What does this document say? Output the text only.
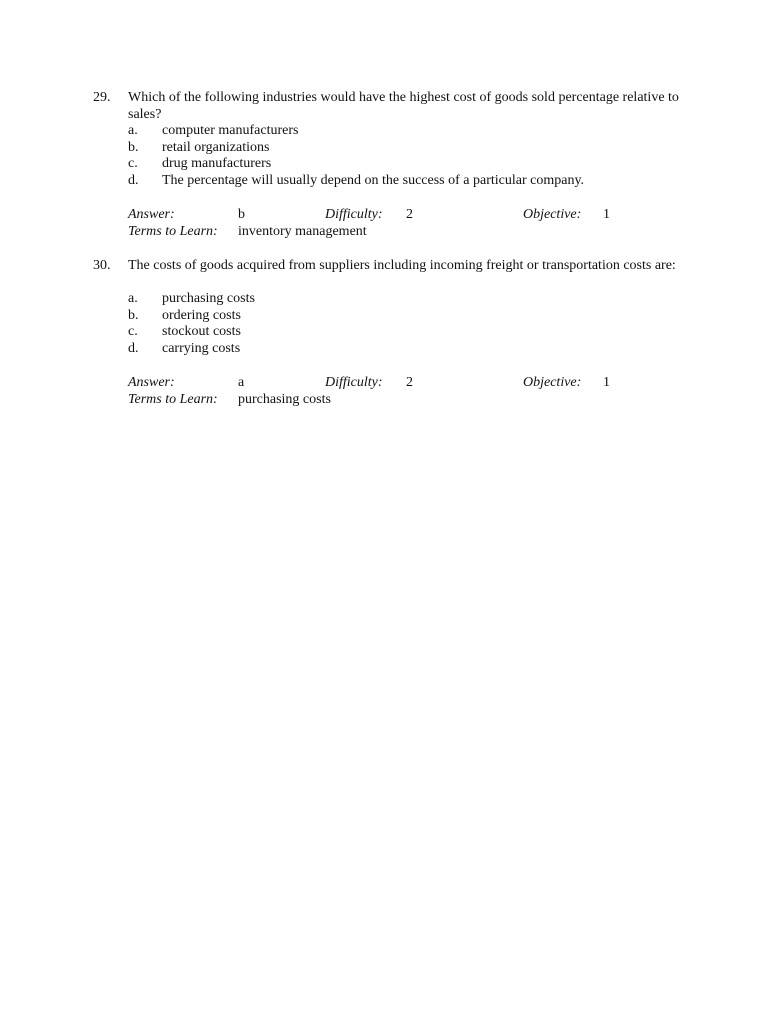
29. Which of the following industries would have the highest cost of goods sold percentage relative to sales?
a. computer manufacturers
b. retail organizations
c. drug manufacturers
d. The percentage will usually depend on the success of a particular company.
Answer:	b	Difficulty: 2	Objective: 1
Terms to Learn: inventory management
30. The costs of goods acquired from suppliers including incoming freight or transportation costs are:
a. purchasing costs
b. ordering costs
c. stockout costs
d. carrying costs
Answer:	a	Difficulty: 2	Objective: 1
Terms to Learn: purchasing costs
